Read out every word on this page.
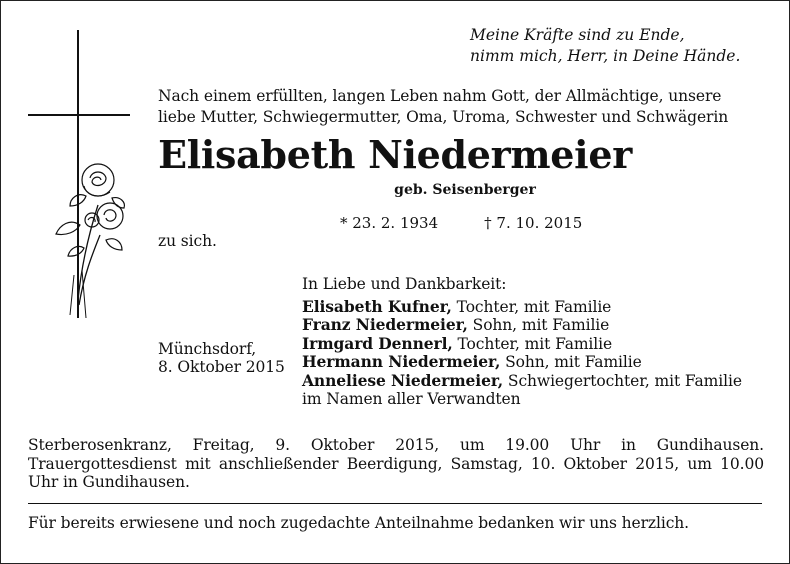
Meine Kräfte sind zu Ende,
nimm mich, Herr, in Deine Hände.
Nach einem erfüllten, langen Leben nahm Gott, der Allmächtige, unsere
liebe Mutter, Schwiegermutter, Oma, Uroma, Schwester und Schwägerin
Elisabeth Niedermeier
geb. Seisenberger
* 23. 2. 1934	† 7. 10. 2015
zu sich.
In Liebe und Dankbarkeit:
Elisabeth Kufner, Tochter, mit Familie
Franz Niedermeier, Sohn, mit Familie
Irmgard Dennerl, Tochter, mit Familie
Hermann Niedermeier, Sohn, mit Familie
Anneliese Niedermeier, Schwiegertochter, mit Familie
im Namen aller Verwandten
Münchsdorf,
8. Oktober 2015
Sterberosenkranz, Freitag, 9. Oktober 2015, um 19.00 Uhr in Gundihausen. Trauergottesdienst mit anschließender Beerdigung, Samstag, 10. Oktober 2015, um 10.00 Uhr in Gundihausen.
Für bereits erwiesene und noch zugedachte Anteilnahme bedanken wir uns herzlich.
